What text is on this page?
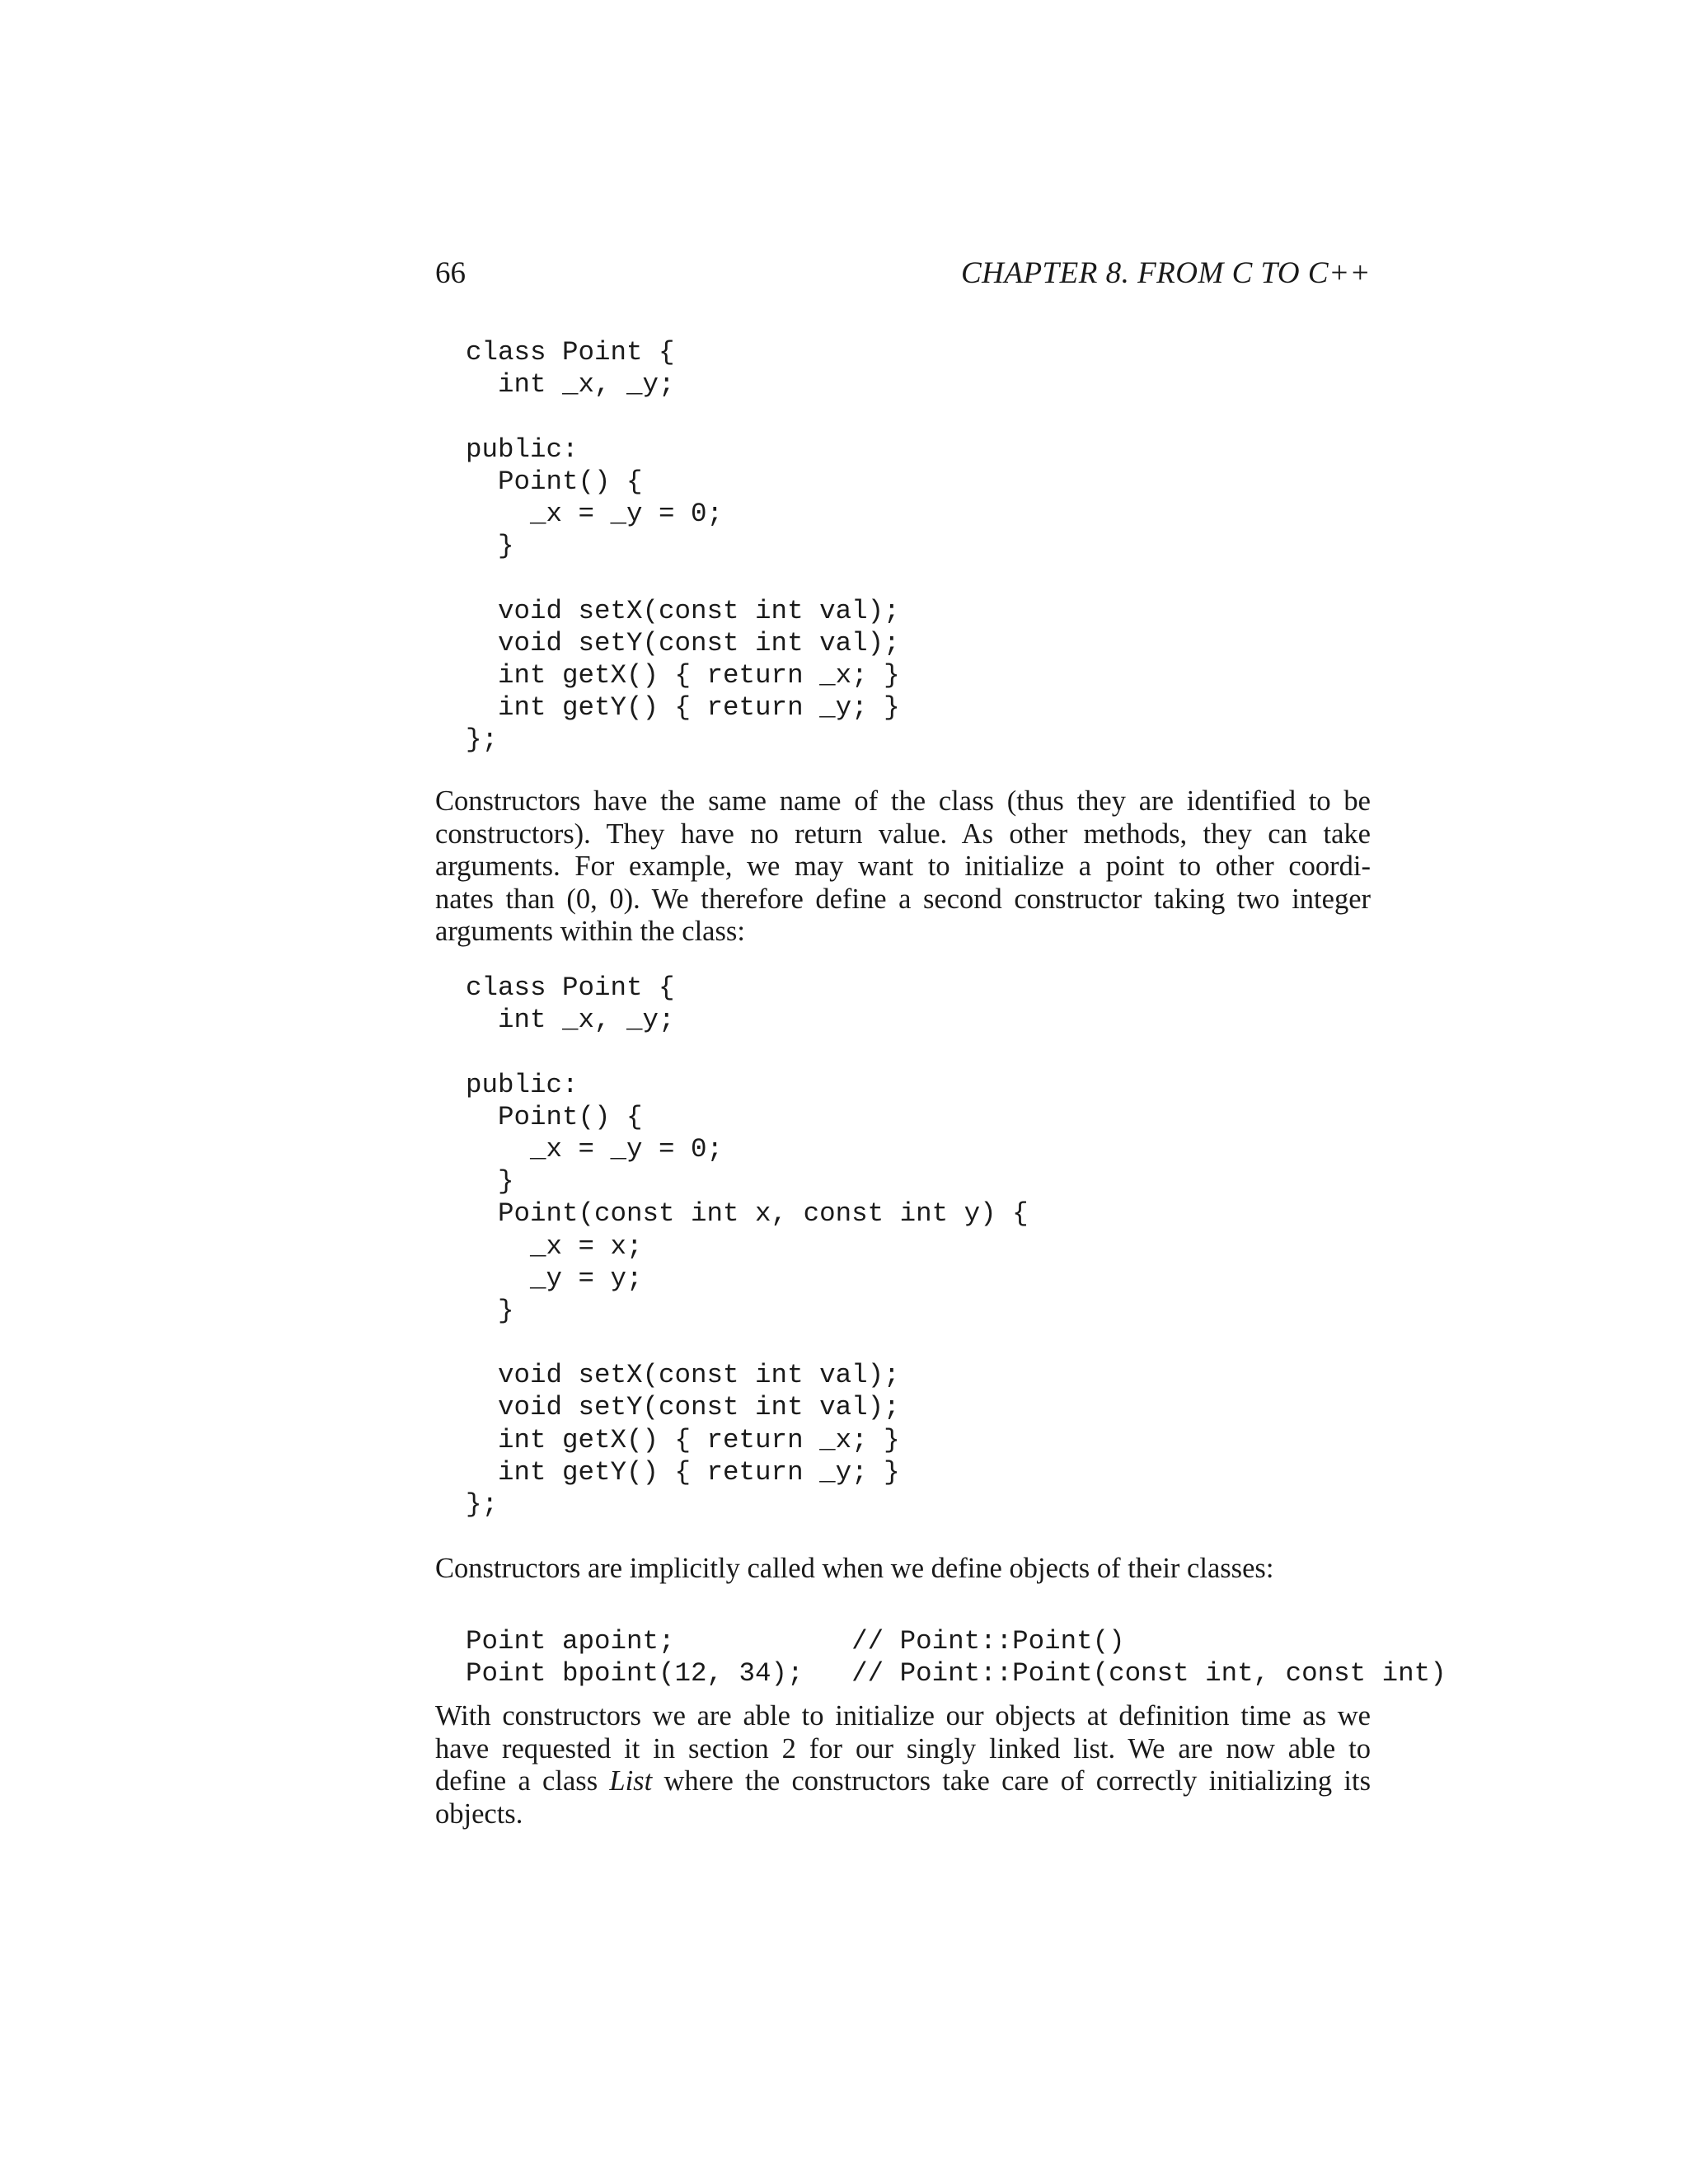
66	CHAPTER 8. FROM C TO C++
class Point {
int _x, _y;
public:
Point() {
_x = _y = 0;
}
void setX(const int val);
void setY(const int val);
int getX() { return _x; }
int getY() { return _y; }
};
Constructors have the same name of the class (thus they are identified to be
constructors). They have no return value. As other methods, they can take
arguments. For example, we may want to initialize a point to other coordi-
nates than (0, 0). We therefore define a second constructor taking two integer
arguments within the class:
class Point {
int _x, _y;
public:
Point() {
_x = _y = 0;
}
Point(const int x, const int y) {
_x = x;
_y = y;
}
void setX(const int val);
void setY(const int val);
int getX() { return _x; }
int getY() { return _y; }
};
Constructors are implicitly called when we define objects of their classes:
Point apoint;           // Point::Point()
Point bpoint(12, 34);   // Point::Point(const int, const int)
With constructors we are able to initialize our objects at definition time as we
have requested it in section 2 for our singly linked list. We are now able to
define a class List where the constructors take care of correctly initializing its
objects.
